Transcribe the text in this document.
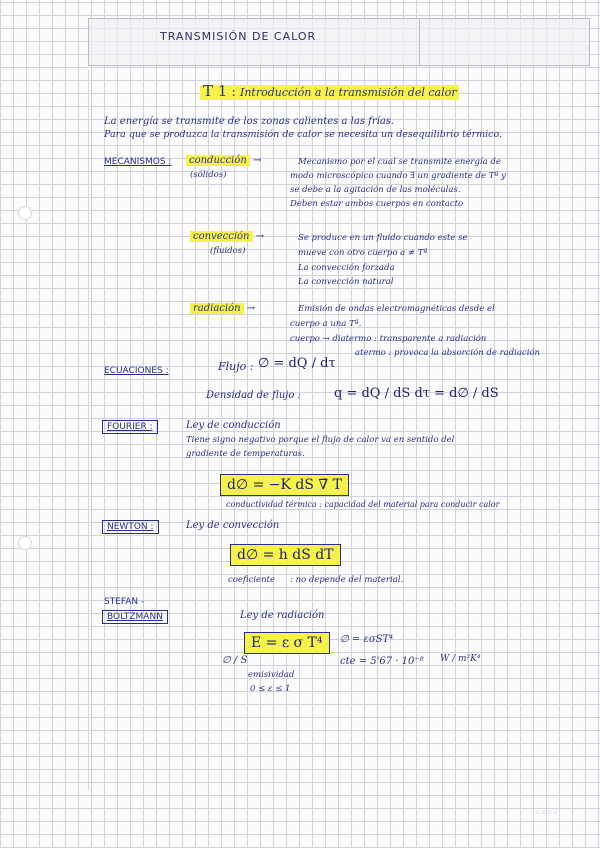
TRANSMISIÓN DE CALOR
T 1 : Introducción a la transmisión del calor
La energía se transmite de los zonas calientes a las frías.
Para que se produzca la transmisión de calor se necesita un desequilibrio térmico.
MECANISMOS :	conducción →
(sólidos)
Mecanismo por el cual se transmite energía de
modo microscópico cuando ∃ un gradiente de Tª y
se debe a la agitación de las moléculas.
Deben estar ambos cuerpos en contacto
convección →
(fluidos)
Se produce en un fluido cuando este se
mueve con otro cuerpo a ≠ Tª
La convección forzada
La convección natural
radiación →	Emisión de ondas electromagnéticas desde el
cuerpo a una Tª.
cuerpo → diatermo : transparente a radiación
atermo : provoca la absorción de radiación
ECUACIONES :	Flujo : ∅ = dQ / dτ
Densidad de flujo :	q = dQ / dS dτ = d∅ / dS
FOURIER :	Ley de conducción
Tiene signo negativo porque el flujo de calor va en sentido del
gradiente de temperaturas.
d∅ = −K dS ∇̄ T
conductividad térmica : capacidad del material para conducir calor
NEWTON :	Ley de convección
d∅ = h dS dT
coeficiente : no depende del material.
STEFAN -
BOLTZMANN	Ley de radiación
E = ε σ T⁴	∅ = εσST⁴
∅ / S
emisividad
0 ≤ ε ≤ 1
cte = 5'67 · 10⁻⁸ W / m²K⁴
◦◦◦◦
